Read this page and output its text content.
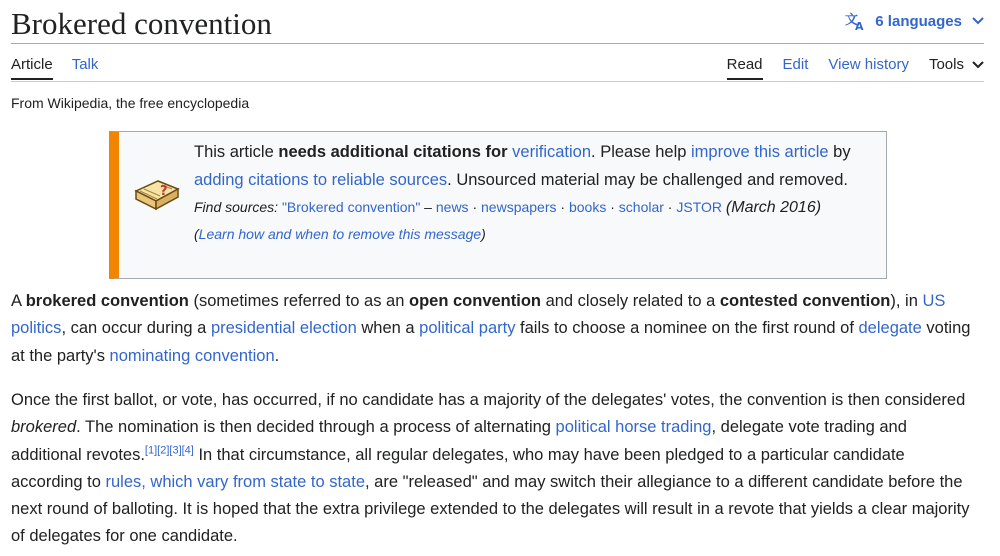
Brokered convention	文
A 6 languages
Article Talk	Read Edit View history Tools
From Wikipedia, the free encyclopedia
?
This article needs additional citations for verification. Please help improve this article by adding citations to reliable sources. Unsourced material may be challenged and removed.
Find sources: "Brokered convention" – news · newspapers · books · scholar · JSTOR (March 2016)
(Learn how and when to remove this message)

A brokered convention (sometimes referred to as an open convention and closely related to a contested convention), in US politics, can occur during a presidential election when a political party fails to choose a nominee on the first round of delegate voting at the party's nominating convention.

Once the first ballot, or vote, has occurred, if no candidate has a majority of the delegates' votes, the convention is then considered brokered. The nomination is then decided through a process of alternating political horse trading, delegate vote trading and additional revotes.[1][2][3][4] In that circumstance, all regular delegates, who may have been pledged to a particular candidate according to rules, which vary from state to state, are "released" and may switch their allegiance to a different candidate before the next round of balloting. It is hoped that the extra privilege extended to the delegates will result in a revote that yields a clear majority of delegates for one candidate.
